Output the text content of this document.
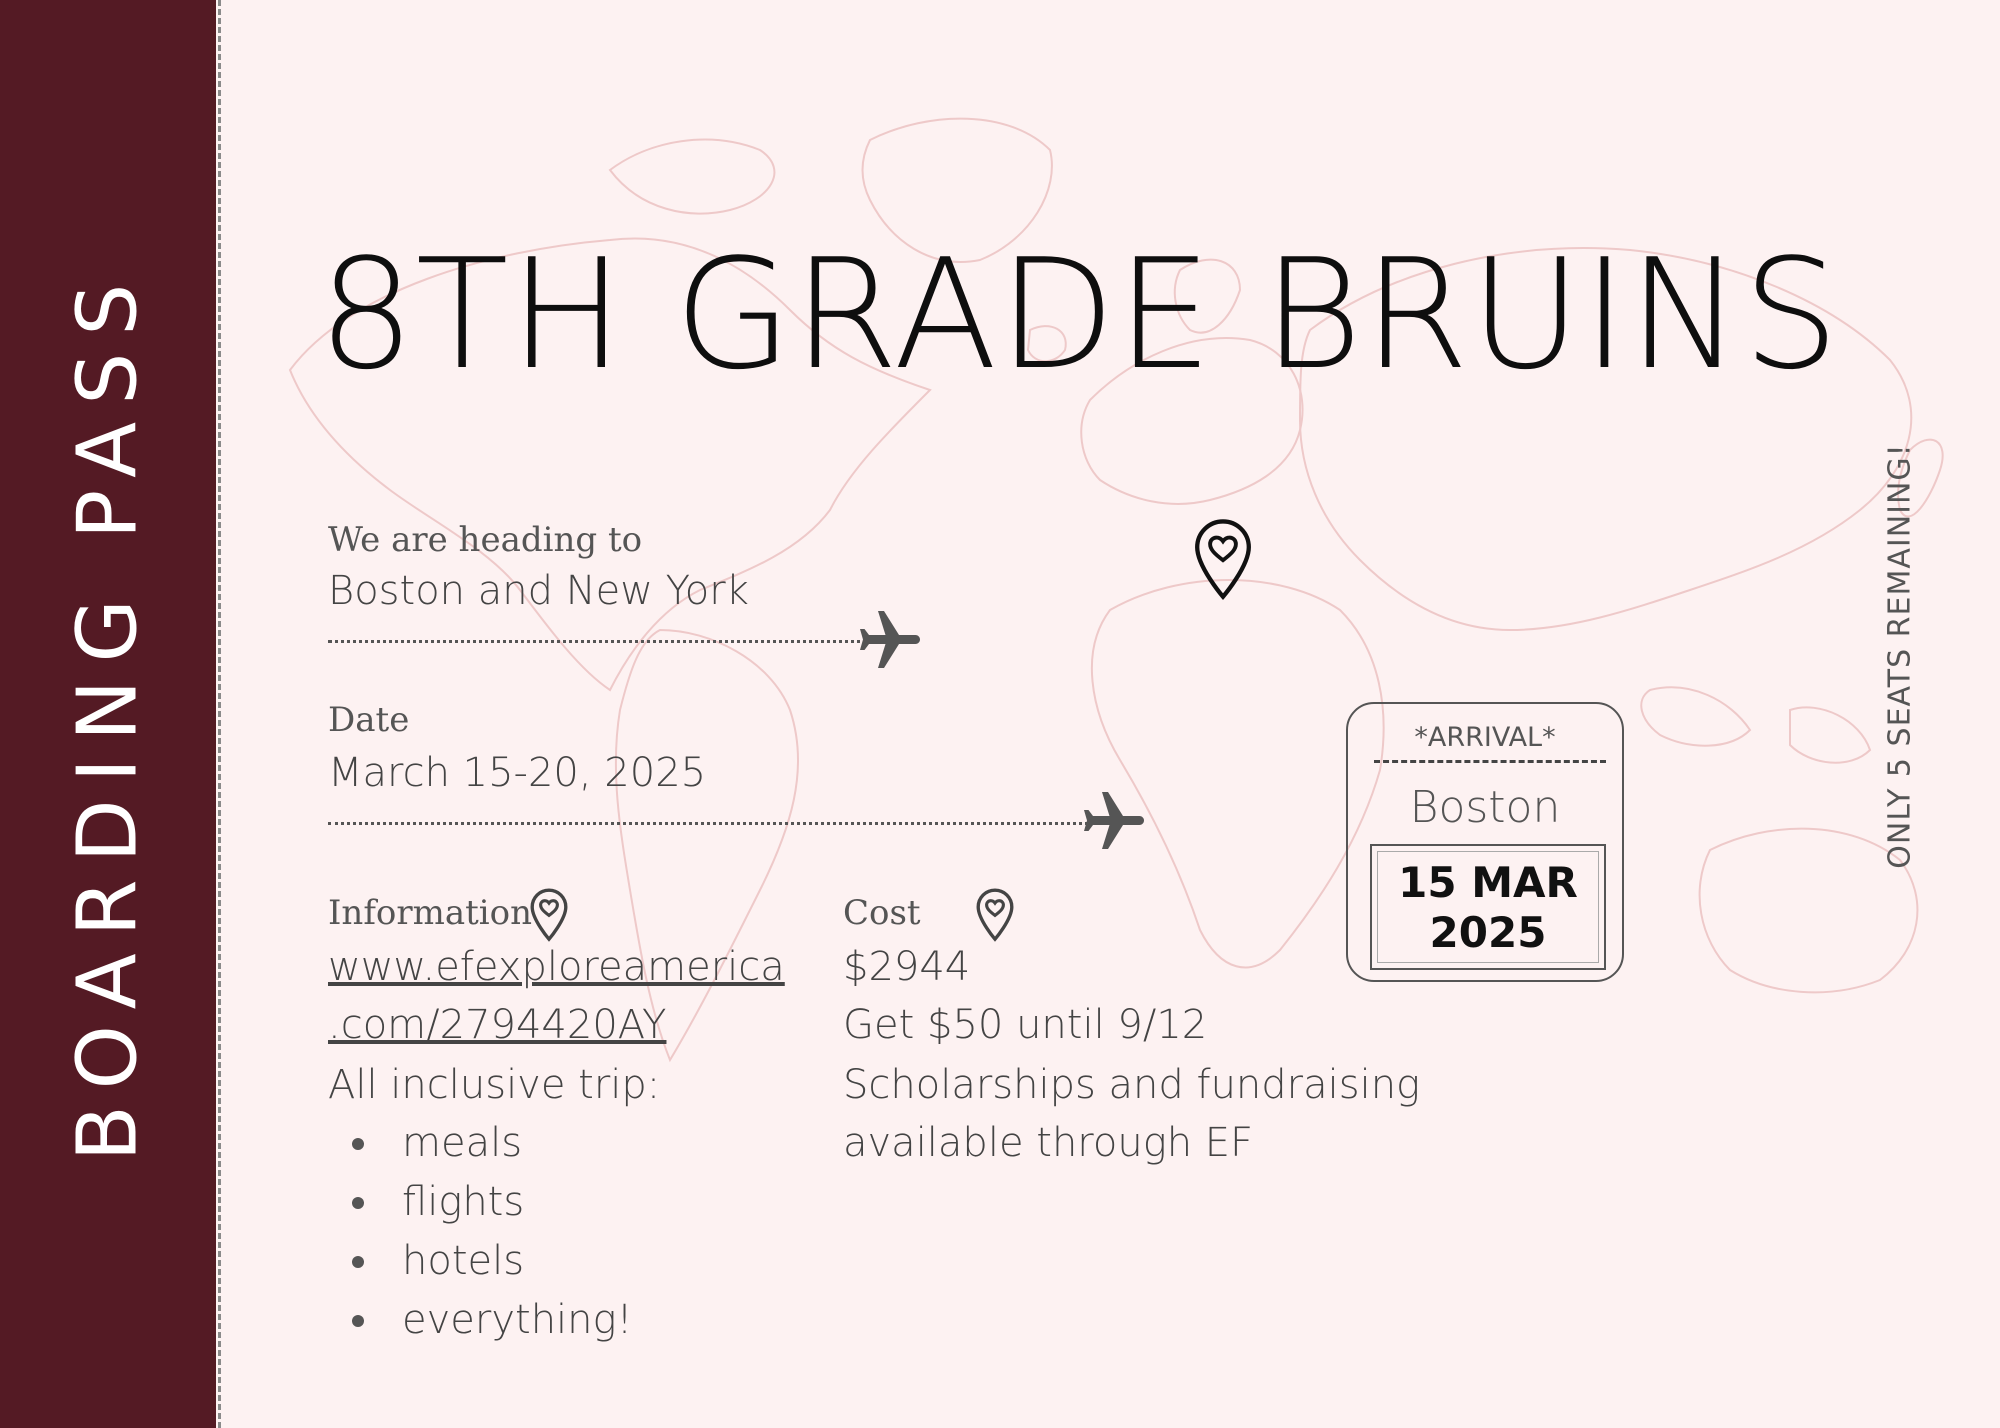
BOARDING PASS 8TH GRADE BRUINS
We are heading to
Boston and New York
Date
March 15-20, 2025
Information
www.efexploreamerica
.com/2794420AY
All inclusive trip:
meals
flights
hotels
everything!
Cost
$2944
Get $50 until 9/12
Scholarships and fundraising
available through EF
*ARRIVAL*
Boston
15 MAR
2025
ONLY 5 SEATS REMAINING!
